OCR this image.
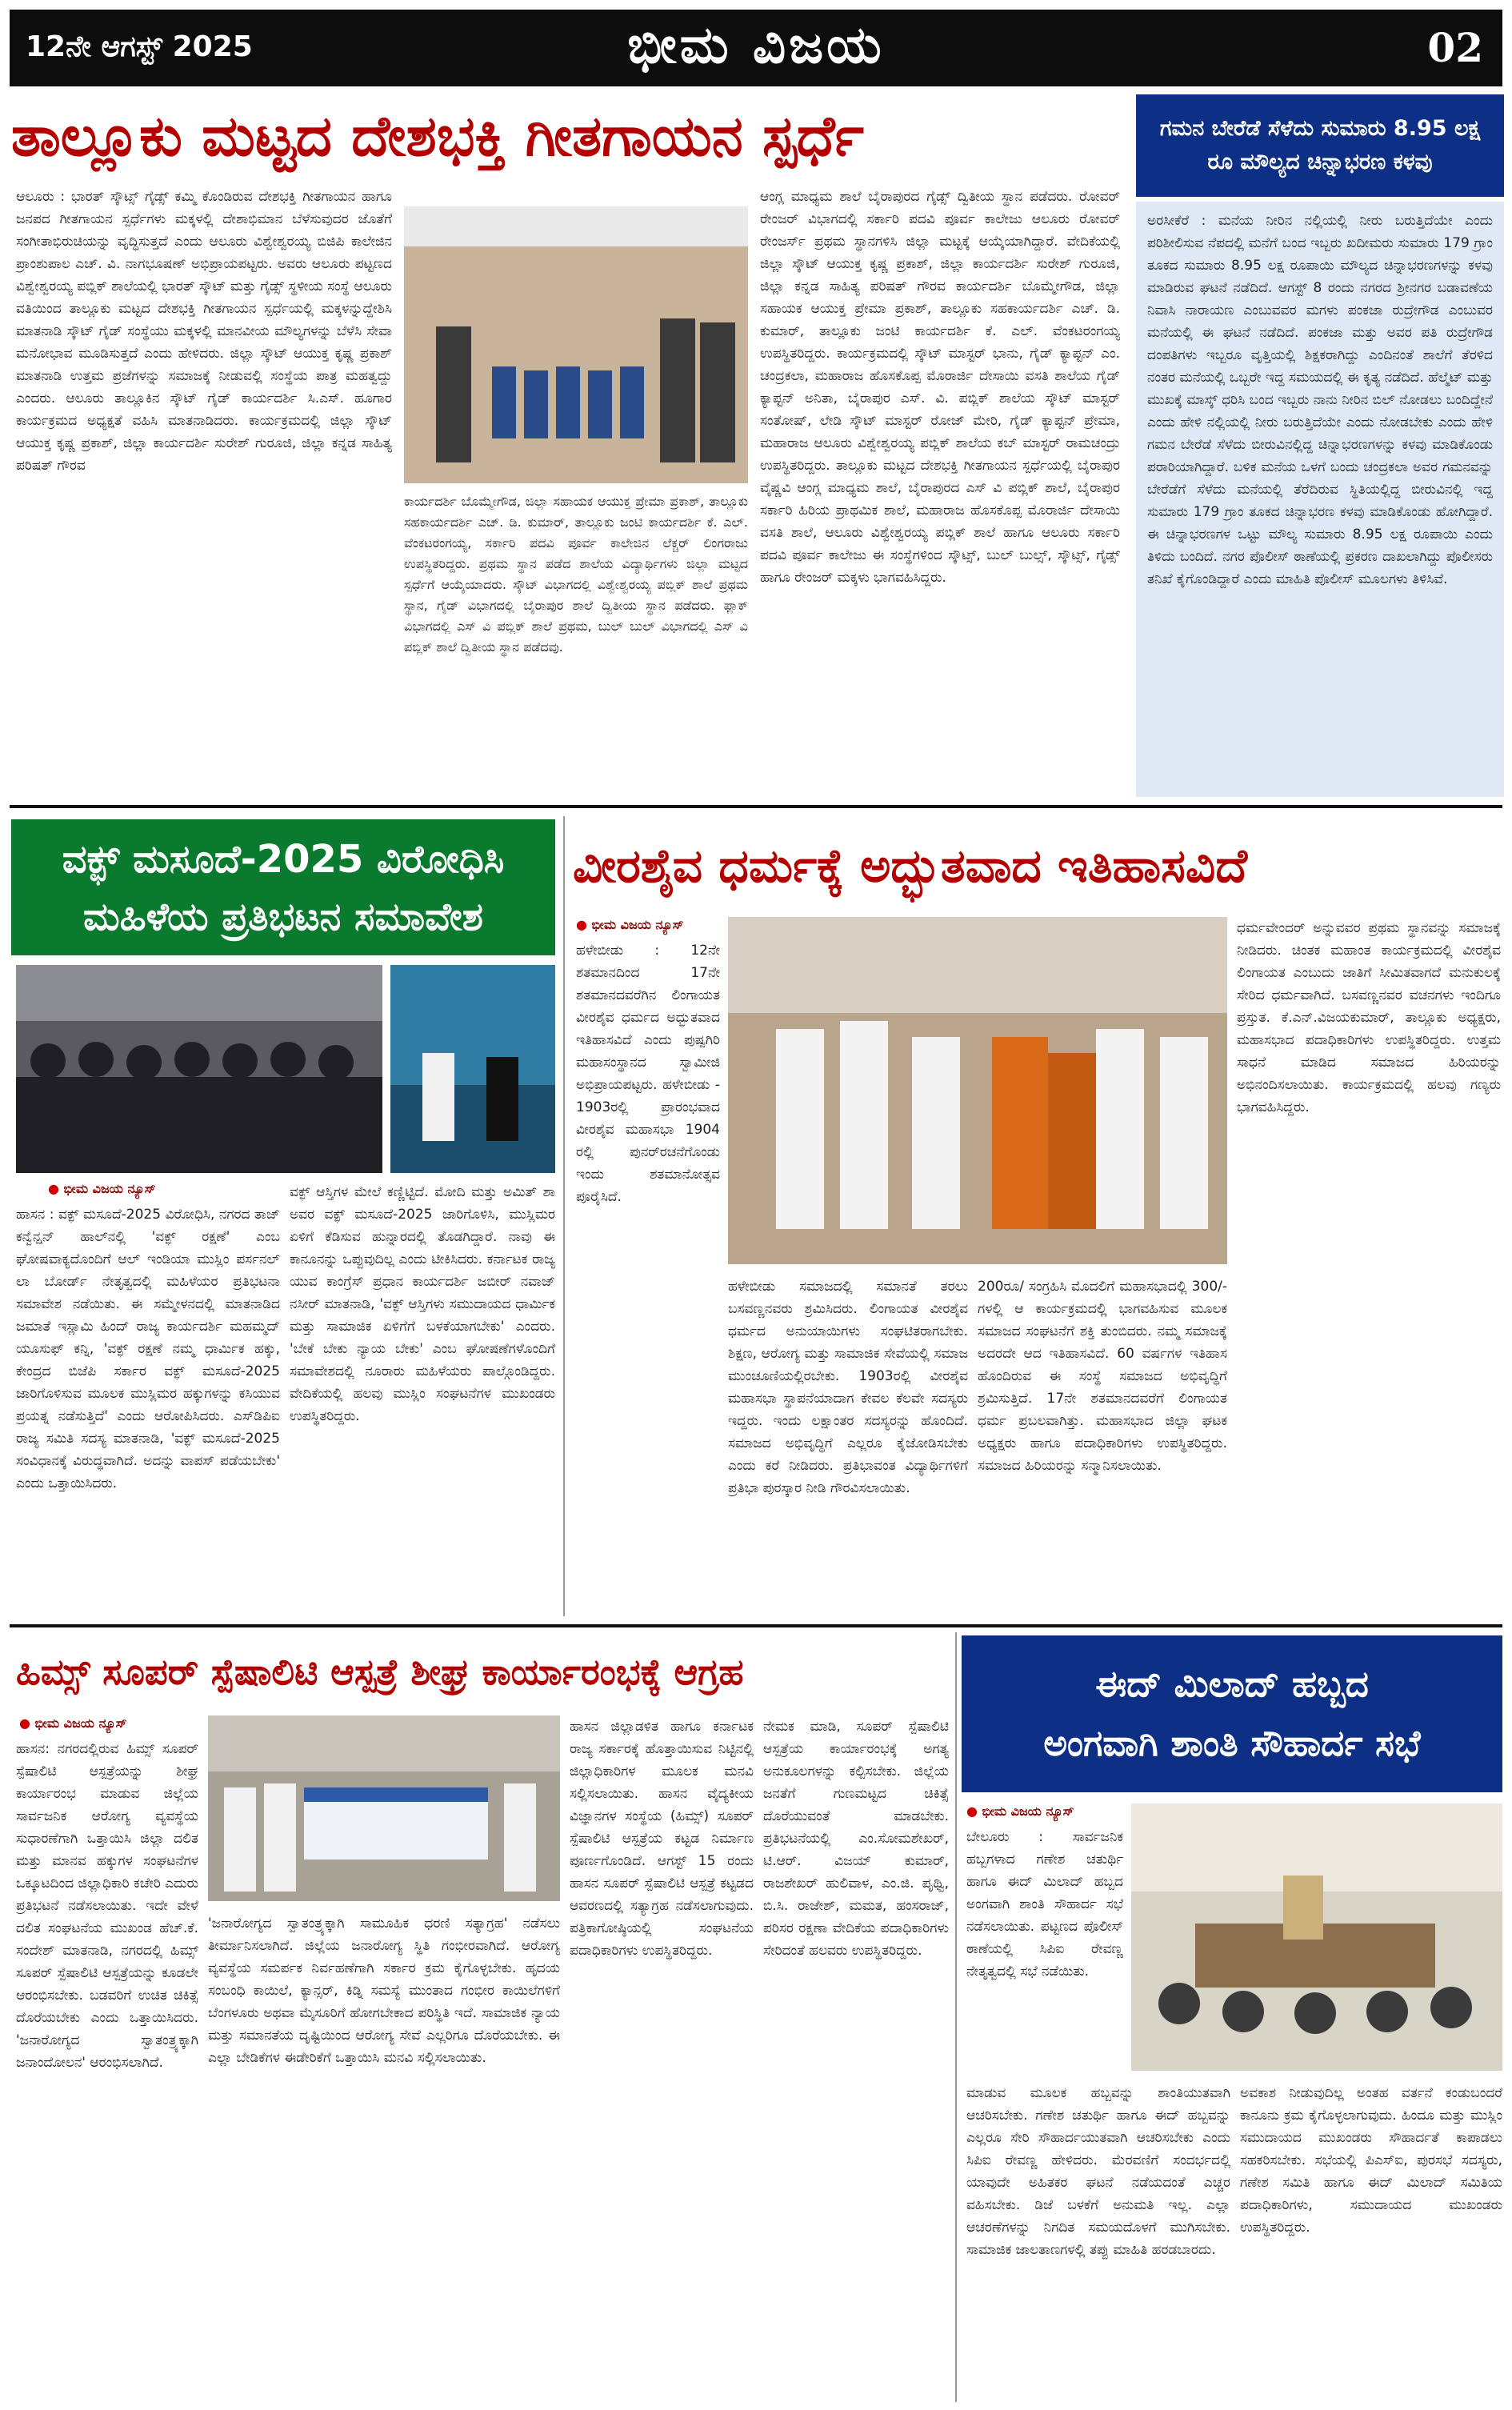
12ನೇ ಆಗಸ್ಟ್ 2025	ಭೀಮ ವಿಜಯ	02
ತಾಲ್ಲೂಕು ಮಟ್ಟದ ದೇಶಭಕ್ತಿ ಗೀತಗಾಯನ ಸ್ಪರ್ಧೆ
ಆಲೂರು : ಭಾರತ್ ಸ್ಕೌಟ್ಸ್ ಗೈಡ್ಸ್ ಕಮ್ಮಿ ಕೊಂಡಿರುವ ದೇಶಭಕ್ತಿ ಗೀತಗಾಯನ ಹಾಗೂ ಜನಪದ ಗೀತಗಾಯನ ಸ್ಪರ್ಧೆಗಳು ಮಕ್ಕಳಲ್ಲಿ ದೇಶಾಭಿಮಾನ ಬೆಳೆಸುವುದರ ಜೊತೆಗೆ ಸಂಗೀತಾಭಿರುಚಿಯನ್ನು ವೃದ್ಧಿಸುತ್ತದೆ ಎಂದು ಆಲೂರು ವಿಶ್ವೇಶ್ವರಯ್ಯ ಬಿಜಿಪಿ ಕಾಲೇಜಿನ ಪ್ರಾಂಶುಪಾಲ ಎಚ್. ವಿ. ನಾಗಭೂಷಣ್ ಅಭಿಪ್ರಾಯಪಟ್ಟರು. ಅವರು ಆಲೂರು ಪಟ್ಟಣದ ವಿಶ್ವೇಶ್ವರಯ್ಯ ಪಬ್ಲಿಕ್ ಶಾಲೆಯಲ್ಲಿ ಭಾರತ್ ಸ್ಕೌಟ್ ಮತ್ತು ಗೈಡ್ಸ್ ಸ್ಥಳೀಯ ಸಂಸ್ಥೆ ಆಲೂರು ವತಿಯಿಂದ ತಾಲ್ಲೂಕು ಮಟ್ಟದ ದೇಶಭಕ್ತಿ ಗೀತಗಾಯನ ಸ್ಪರ್ಧೆಯಲ್ಲಿ ಮಕ್ಕಳನ್ನುದ್ದೇಶಿಸಿ ಮಾತನಾಡಿ ಸ್ಕೌಟ್ ಗೈಡ್ ಸಂಸ್ಥೆಯು ಮಕ್ಕಳಲ್ಲಿ ಮಾನವೀಯ ಮೌಲ್ಯಗಳನ್ನು ಬೆಳೆಸಿ ಸೇವಾ ಮನೋಭಾವ ಮೂಡಿಸುತ್ತದೆ ಎಂದು ಹೇಳಿದರು. ಜಿಲ್ಲಾ ಸ್ಕೌಟ್ ಆಯುಕ್ತ ಕೃಷ್ಣ ಪ್ರಕಾಶ್ ಮಾತನಾಡಿ ಉತ್ತಮ ಪ್ರಜೆಗಳನ್ನು ಸಮಾಜಕ್ಕೆ ನೀಡುವಲ್ಲಿ ಸಂಸ್ಥೆಯ ಪಾತ್ರ ಮಹತ್ವದ್ದು ಎಂದರು. ಆಲೂರು ತಾಲ್ಲೂಕಿನ ಸ್ಕೌಟ್ ಗೈಡ್ ಕಾರ್ಯದರ್ಶಿ ಸಿ.ಎಸ್. ಹೂಗಾರ ಕಾರ್ಯಕ್ರಮದ ಅಧ್ಯಕ್ಷತೆ ವಹಿಸಿ ಮಾತನಾಡಿದರು. ಕಾರ್ಯಕ್ರಮದಲ್ಲಿ ಜಿಲ್ಲಾ ಸ್ಕೌಟ್ ಆಯುಕ್ತ ಕೃಷ್ಣ ಪ್ರಕಾಶ್, ಜಿಲ್ಲಾ ಕಾರ್ಯದರ್ಶಿ ಸುರೇಶ್ ಗುರೂಜಿ, ಜಿಲ್ಲಾ ಕನ್ನಡ ಸಾಹಿತ್ಯ ಪರಿಷತ್ ಗೌರವ
ಕಾರ್ಯದರ್ಶಿ ಬೊಮ್ಮೇಗೌಡ, ಜಿಲ್ಲಾ ಸಹಾಯಕ ಆಯುಕ್ತ ಪ್ರೇಮಾ ಪ್ರಕಾಶ್, ತಾಲ್ಲೂಕು ಸಹಕಾರ್ಯದರ್ಶಿ ಎಚ್. ಡಿ. ಕುಮಾರ್, ತಾಲ್ಲೂಕು ಜಂಟಿ ಕಾರ್ಯದರ್ಶಿ ಕೆ. ಎಲ್. ವೆಂಕಟರಂಗಯ್ಯ, ಸರ್ಕಾರಿ ಪದವಿ ಪೂರ್ವ ಕಾಲೇಜಿನ ಲೆಕ್ಚರ್ ಲಿಂಗರಾಜು ಉಪಸ್ಥಿತರಿದ್ದರು. ಪ್ರಥಮ ಸ್ಥಾನ ಪಡೆದ ಶಾಲೆಯ ವಿದ್ಯಾರ್ಥಿಗಳು ಜಿಲ್ಲಾ ಮಟ್ಟದ ಸ್ಪರ್ಧೆಗೆ ಆಯ್ಕೆಯಾದರು. ಸ್ಕೌಟ್ ವಿಭಾಗದಲ್ಲಿ ವಿಶ್ವೇಶ್ವರಯ್ಯ ಪಬ್ಲಿಕ್ ಶಾಲೆ ಪ್ರಥಮ ಸ್ಥಾನ, ಗೈಡ್ ವಿಭಾಗದಲ್ಲಿ ಬೈರಾಪುರ ಶಾಲೆ ದ್ವಿತೀಯ ಸ್ಥಾನ ಪಡೆದರು. ಫ್ಲಾಕ್ ವಿಭಾಗದಲ್ಲಿ ಎಸ್ ವಿ ಪಬ್ಲಿಕ್ ಶಾಲೆ ಪ್ರಥಮ, ಬುಲ್ ಬುಲ್ ವಿಭಾಗದಲ್ಲಿ ಎಸ್ ವಿ ಪಬ್ಲಿಕ್ ಶಾಲೆ ದ್ವಿತೀಯ ಸ್ಥಾನ ಪಡೆದವು.
ಆಂಗ್ಲ ಮಾಧ್ಯಮ ಶಾಲೆ ಬೈರಾಪುರದ ಗೈಡ್ಸ್ ದ್ವಿತೀಯ ಸ್ಥಾನ ಪಡೆದರು. ರೋವರ್ ರೇಂಜರ್ ವಿಭಾಗದಲ್ಲಿ ಸರ್ಕಾರಿ ಪದವಿ ಪೂರ್ವ ಕಾಲೇಜು ಆಲೂರು ರೋವರ್ ರೇಂಜರ್ಸ್ ಪ್ರಥಮ ಸ್ಥಾನಗಳಿಸಿ ಜಿಲ್ಲಾ ಮಟ್ಟಕ್ಕೆ ಆಯ್ಕೆಯಾಗಿದ್ದಾರೆ. ವೇದಿಕೆಯಲ್ಲಿ ಜಿಲ್ಲಾ ಸ್ಕೌಟ್ ಆಯುಕ್ತ ಕೃಷ್ಣ ಪ್ರಕಾಶ್, ಜಿಲ್ಲಾ ಕಾರ್ಯದರ್ಶಿ ಸುರೇಶ್ ಗುರೂಜಿ, ಜಿಲ್ಲಾ ಕನ್ನಡ ಸಾಹಿತ್ಯ ಪರಿಷತ್ ಗೌರವ ಕಾರ್ಯದರ್ಶಿ ಬೊಮ್ಮೇಗೌಡ, ಜಿಲ್ಲಾ ಸಹಾಯಕ ಆಯುಕ್ತ ಪ್ರೇಮಾ ಪ್ರಕಾಶ್, ತಾಲ್ಲೂಕು ಸಹಕಾರ್ಯದರ್ಶಿ ಎಚ್. ಡಿ. ಕುಮಾರ್, ತಾಲ್ಲೂಕು ಜಂಟಿ ಕಾರ್ಯದರ್ಶಿ ಕೆ. ಎಲ್. ವೆಂಕಟರಂಗಯ್ಯ ಉಪಸ್ಥಿತರಿದ್ದರು. ಕಾರ್ಯಕ್ರಮದಲ್ಲಿ ಸ್ಕೌಟ್ ಮಾಸ್ಟರ್ ಭಾನು, ಗೈಡ್ ಕ್ಯಾಪ್ಟನ್ ಎಂ. ಚಂದ್ರಕಲಾ, ಮಹಾರಾಜ ಹೊಸಕೊಪ್ಪ ಮೊರಾರ್ಜಿ ದೇಸಾಯಿ ವಸತಿ ಶಾಲೆಯ ಗೈಡ್ ಕ್ಯಾಪ್ಟನ್ ಅನಿತಾ, ಬೈರಾಪುರ ಎಸ್. ವಿ. ಪಬ್ಲಿಕ್ ಶಾಲೆಯ ಸ್ಕೌಟ್ ಮಾಸ್ಟರ್ ಸಂತೋಷ್, ಲೇಡಿ ಸ್ಕೌಟ್ ಮಾಸ್ಟರ್ ರೋಜ್ ಮೇರಿ, ಗೈಡ್ ಕ್ಯಾಪ್ಟನ್ ಪ್ರೇಮಾ, ಮಹಾರಾಜ ಆಲೂರು ವಿಶ್ವೇಶ್ವರಯ್ಯ ಪಬ್ಲಿಕ್ ಶಾಲೆಯ ಕಬ್ ಮಾಸ್ಟರ್ ರಾಮಚಂದ್ರು ಉಪಸ್ಥಿತರಿದ್ದರು. ತಾಲ್ಲೂಕು ಮಟ್ಟದ ದೇಶಭಕ್ತಿ ಗೀತಗಾಯನ ಸ್ಪರ್ಧೆಯಲ್ಲಿ ಬೈರಾಪುರ ವೈಷ್ಣವಿ ಆಂಗ್ಲ ಮಾಧ್ಯಮ ಶಾಲೆ, ಬೈರಾಪುರದ ಎಸ್ ವಿ ಪಬ್ಲಿಕ್ ಶಾಲೆ, ಬೈರಾಪುರ ಸರ್ಕಾರಿ ಹಿರಿಯ ಪ್ರಾಥಮಿಕ ಶಾಲೆ, ಮಹಾರಾಜ ಹೊಸಕೊಪ್ಪ ಮೊರಾರ್ಜಿ ದೇಸಾಯಿ ವಸತಿ ಶಾಲೆ, ಆಲೂರು ವಿಶ್ವೇಶ್ವರಯ್ಯ ಪಬ್ಲಿಕ್ ಶಾಲೆ ಹಾಗೂ ಆಲೂರು ಸರ್ಕಾರಿ ಪದವಿ ಪೂರ್ವ ಕಾಲೇಜು ಈ ಸಂಸ್ಥೆಗಳಿಂದ ಸ್ಕೌಟ್ಸ್, ಬುಲ್ ಬುಲ್ಸ್, ಸ್ಕೌಟ್ಸ್, ಗೈಡ್ಸ್ ಹಾಗೂ ರೇಂಜರ್ ಮಕ್ಕಳು ಭಾಗವಹಿಸಿದ್ದರು.
ಗಮನ ಬೇರೆಡೆ ಸೆಳೆದು ಸುಮಾರು 8.95 ಲಕ್ಷ ರೂ ಮೌಲ್ಯದ ಚಿನ್ನಾಭರಣ ಕಳವು
ಅರಸೀಕೆರೆ : ಮನೆಯ ನೀರಿನ ನಲ್ಲಿಯಲ್ಲಿ ನೀರು ಬರುತ್ತಿದೆಯೇ ಎಂದು ಪರಿಶೀಲಿಸುವ ನೆಪದಲ್ಲಿ ಮನೆಗೆ ಬಂದ ಇಬ್ಬರು ಖದೀಮರು ಸುಮಾರು 179 ಗ್ರಾಂ ತೂಕದ ಸುಮಾರು 8.95 ಲಕ್ಷ ರೂಪಾಯಿ ಮೌಲ್ಯದ ಚಿನ್ನಾಭರಣಗಳನ್ನು ಕಳವು ಮಾಡಿರುವ ಘಟನೆ ನಡೆದಿದೆ. ಆಗಸ್ಟ್ 8 ರಂದು ನಗರದ ಶ್ರೀನಗರ ಬಡಾವಣೆಯ ನಿವಾಸಿ ನಾರಾಯಣ ಎಂಬುವವರ ಮಗಳು ಪಂಕಜಾ ರುದ್ರೇಗೌಡ ಎಂಬುವರ ಮನೆಯಲ್ಲಿ ಈ ಘಟನೆ ನಡೆದಿದೆ. ಪಂಕಜಾ ಮತ್ತು ಅವರ ಪತಿ ರುದ್ರೇಗೌಡ ದಂಪತಿಗಳು ಇಬ್ಬರೂ ವೃತ್ತಿಯಲ್ಲಿ ಶಿಕ್ಷಕರಾಗಿದ್ದು ಎಂದಿನಂತೆ ಶಾಲೆಗೆ ತೆರಳಿದ ನಂತರ ಮನೆಯಲ್ಲಿ ಒಬ್ಬರೇ ಇದ್ದ ಸಮಯದಲ್ಲಿ ಈ ಕೃತ್ಯ ನಡೆದಿದೆ. ಹೆಲ್ಮೆಟ್ ಮತ್ತು ಮುಖಕ್ಕೆ ಮಾಸ್ಕ್ ಧರಿಸಿ ಬಂದ ಇಬ್ಬರು ನಾನು ನೀರಿನ ಬಿಲ್ ನೋಡಲು ಬಂದಿದ್ದೇನೆ ಎಂದು ಹೇಳಿ ನಲ್ಲಿಯಲ್ಲಿ ನೀರು ಬರುತ್ತಿದೆಯೇ ಎಂದು ನೋಡಬೇಕು ಎಂದು ಹೇಳಿ ಗಮನ ಬೇರೆಡೆ ಸೆಳೆದು ಬೀರುವಿನಲ್ಲಿದ್ದ ಚಿನ್ನಾಭರಣಗಳನ್ನು ಕಳವು ಮಾಡಿಕೊಂಡು ಪರಾರಿಯಾಗಿದ್ದಾರೆ. ಬಳಿಕ ಮನೆಯ ಒಳಗೆ ಬಂದು ಚಂದ್ರಕಲಾ ಅವರ ಗಮನವನ್ನು ಬೇರೆಡೆಗೆ ಸೆಳೆದು ಮನೆಯಲ್ಲಿ ತೆರೆದಿರುವ ಸ್ಥಿತಿಯಲ್ಲಿದ್ದ ಬೀರುವಿನಲ್ಲಿ ಇದ್ದ ಸುಮಾರು 179 ಗ್ರಾಂ ತೂಕದ ಚಿನ್ನಾಭರಣ ಕಳವು ಮಾಡಿಕೊಂಡು ಹೋಗಿದ್ದಾರೆ. ಈ ಚಿನ್ನಾಭರಣಗಳ ಒಟ್ಟು ಮೌಲ್ಯ ಸುಮಾರು 8.95 ಲಕ್ಷ ರೂಪಾಯಿ ಎಂದು ತಿಳಿದು ಬಂದಿದೆ. ನಗರ ಪೊಲೀಸ್ ಠಾಣೆಯಲ್ಲಿ ಪ್ರಕರಣ ದಾಖಲಾಗಿದ್ದು ಪೊಲೀಸರು ತನಿಖೆ ಕೈಗೊಂಡಿದ್ದಾರೆ ಎಂದು ಮಾಹಿತಿ ಪೊಲೀಸ್ ಮೂಲಗಳು ತಿಳಿಸಿವೆ.
ವಕ್ಫ್ ಮಸೂದೆ-2025 ವಿರೋಧಿಸಿ
ಮಹಿಳೆಯ ಪ್ರತಿಭಟನ ಸಮಾವೇಶ
● ಭೀಮ ವಿಜಯ ನ್ಯೂಸ್
ಹಾಸನ : ವಕ್ಫ್ ಮಸೂದೆ-2025 ವಿರೋಧಿಸಿ, ನಗರದ ತಾಜ್ ಕನ್ವೆನ್ಷನ್ ಹಾಲ್‌ನಲ್ಲಿ 'ವಕ್ಫ್ ರಕ್ಷಣೆ' ಎಂಬ ಘೋಷವಾಕ್ಯದೊಂದಿಗೆ ಆಲ್ ಇಂಡಿಯಾ ಮುಸ್ಲಿಂ ಪರ್ಸನಲ್ ಲಾ ಬೋರ್ಡ್ ನೇತೃತ್ವದಲ್ಲಿ ಮಹಿಳೆಯರ ಪ್ರತಿಭಟನಾ ಸಮಾವೇಶ ನಡೆಯಿತು. ಈ ಸಮ್ಮೇಳನದಲ್ಲಿ ಮಾತನಾಡಿದ ಜಮಾತೆ ಇಸ್ಲಾಮಿ ಹಿಂದ್ ರಾಜ್ಯ ಕಾರ್ಯದರ್ಶಿ ಮಹಮ್ಮದ್ ಯೂಸುಫ್ ಕನ್ನಿ, 'ವಕ್ಫ್ ರಕ್ಷಣೆ ನಮ್ಮ ಧಾರ್ಮಿಕ ಹಕ್ಕು, ಕೇಂದ್ರದ ಬಿಜೆಪಿ ಸರ್ಕಾರ ವಕ್ಫ್ ಮಸೂದೆ-2025 ಜಾರಿಗೊಳಿಸುವ ಮೂಲಕ ಮುಸ್ಲಿಮರ ಹಕ್ಕುಗಳನ್ನು ಕಸಿಯುವ ಪ್ರಯತ್ನ ನಡೆಸುತ್ತಿದೆ' ಎಂದು ಆರೋಪಿಸಿದರು. ಎಸ್‌ಡಿಪಿಐ ರಾಜ್ಯ ಸಮಿತಿ ಸದಸ್ಯ ಮಾತನಾಡಿ, 'ವಕ್ಫ್ ಮಸೂದೆ-2025 ಸಂವಿಧಾನಕ್ಕೆ ವಿರುದ್ಧವಾಗಿದೆ. ಅದನ್ನು ವಾಪಸ್ ಪಡೆಯಬೇಕು' ಎಂದು ಒತ್ತಾಯಿಸಿದರು.
ವಕ್ಫ್ ಆಸ್ತಿಗಳ ಮೇಲೆ ಕಣ್ಣಿಟ್ಟಿದೆ. ಮೋದಿ ಮತ್ತು ಅಮಿತ್ ಶಾ ಅವರ ವಕ್ಫ್ ಮಸೂದೆ-2025 ಜಾರಿಗೊಳಿಸಿ, ಮುಸ್ಲಿಮರ ಏಳಿಗೆ ಕೆಡಿಸುವ ಹುನ್ನಾರದಲ್ಲಿ ತೊಡಗಿದ್ದಾರೆ. ನಾವು ಈ ಕಾನೂನನ್ನು ಒಪ್ಪುವುದಿಲ್ಲ ಎಂದು ಟೀಕಿಸಿದರು. ಕರ್ನಾಟಕ ರಾಜ್ಯ ಯುವ ಕಾಂಗ್ರೆಸ್ ಪ್ರಧಾನ ಕಾರ್ಯದರ್ಶಿ ಜಬೀರ್ ನವಾಜ್ ನಸೀರ್ ಮಾತನಾಡಿ, 'ವಕ್ಫ್ ಆಸ್ತಿಗಳು ಸಮುದಾಯದ ಧಾರ್ಮಿಕ ಮತ್ತು ಸಾಮಾಜಿಕ ಏಳಿಗೆಗೆ ಬಳಕೆಯಾಗಬೇಕು' ಎಂದರು. 'ಬೇಕೆ ಬೇಕು ನ್ಯಾಯ ಬೇಕು' ಎಂಬ ಘೋಷಣೆಗಳೊಂದಿಗೆ ಸಮಾವೇಶದಲ್ಲಿ ನೂರಾರು ಮಹಿಳೆಯರು ಪಾಲ್ಗೊಂಡಿದ್ದರು. ವೇದಿಕೆಯಲ್ಲಿ ಹಲವು ಮುಸ್ಲಿಂ ಸಂಘಟನೆಗಳ ಮುಖಂಡರು ಉಪಸ್ಥಿತರಿದ್ದರು.
ವೀರಶೈವ ಧರ್ಮಕ್ಕೆ ಅದ್ಭುತವಾದ ಇತಿಹಾಸವಿದೆ
● ಭೀಮ ವಿಜಯ ನ್ಯೂಸ್
ಹಳೇಬೀಡು : 12ನೇ ಶತಮಾನದಿಂದ 17ನೇ ಶತಮಾನದವರೆಗಿನ ಲಿಂಗಾಯತ ವೀರಶೈವ ಧರ್ಮದ ಅದ್ಭುತವಾದ ಇತಿಹಾಸವಿದೆ ಎಂದು ಪುಷ್ಪಗಿರಿ ಮಹಾಸಂಸ್ಥಾನದ ಸ್ವಾಮೀಜಿ ಅಭಿಪ್ರಾಯಪಟ್ಟರು. ಹಳೇಬೀಡು - 1903ರಲ್ಲಿ ಪ್ರಾರಂಭವಾದ ವೀರಶೈವ ಮಹಾಸಭಾ 1904 ರಲ್ಲಿ ಪುನರ್‌ರಚನೆಗೊಂಡು ಇಂದು ಶತಮಾನೋತ್ಸವ ಪೂರೈಸಿದೆ.
ಹಳೇಬೀಡು ಸಮಾಜದಲ್ಲಿ ಸಮಾನತೆ ತರಲು ಬಸವಣ್ಣನವರು ಶ್ರಮಿಸಿದರು. ಲಿಂಗಾಯತ ವೀರಶೈವ ಧರ್ಮದ ಅನುಯಾಯಿಗಳು ಸಂಘಟಿತರಾಗಬೇಕು. ಶಿಕ್ಷಣ, ಆರೋಗ್ಯ ಮತ್ತು ಸಾಮಾಜಿಕ ಸೇವೆಯಲ್ಲಿ ಸಮಾಜ ಮುಂಚೂಣಿಯಲ್ಲಿರಬೇಕು. 1903ರಲ್ಲಿ ವೀರಶೈವ ಮಹಾಸಭಾ ಸ್ಥಾಪನೆಯಾದಾಗ ಕೇವಲ ಕೆಲವೇ ಸದಸ್ಯರು ಇದ್ದರು. ಇಂದು ಲಕ್ಷಾಂತರ ಸದಸ್ಯರನ್ನು ಹೊಂದಿದೆ. ಸಮಾಜದ ಅಭಿವೃದ್ಧಿಗೆ ಎಲ್ಲರೂ ಕೈಜೋಡಿಸಬೇಕು ಎಂದು ಕರೆ ನೀಡಿದರು. ಪ್ರತಿಭಾವಂತ ವಿದ್ಯಾರ್ಥಿಗಳಿಗೆ ಪ್ರತಿಭಾ ಪುರಸ್ಕಾರ ನೀಡಿ ಗೌರವಿಸಲಾಯಿತು.
200ರೂ/ ಸಂಗ್ರಹಿಸಿ ಮೊದಲಿಗೆ ಮಹಾಸಭಾದಲ್ಲಿ 300/- ಗಳಲ್ಲಿ ಆ ಕಾರ್ಯಕ್ರಮದಲ್ಲಿ ಭಾಗವಹಿಸುವ ಮೂಲಕ ಸಮಾಜದ ಸಂಘಟನೆಗೆ ಶಕ್ತಿ ತುಂಬಿದರು. ನಮ್ಮ ಸಮಾಜಕ್ಕೆ ಅದರದೇ ಆದ ಇತಿಹಾಸವಿದೆ. 60 ವರ್ಷಗಳ ಇತಿಹಾಸ ಹೊಂದಿರುವ ಈ ಸಂಸ್ಥೆ ಸಮಾಜದ ಅಭಿವೃದ್ಧಿಗೆ ಶ್ರಮಿಸುತ್ತಿದೆ. 17ನೇ ಶತಮಾನದವರೆಗೆ ಲಿಂಗಾಯತ ಧರ್ಮ ಪ್ರಬಲವಾಗಿತ್ತು. ಮಹಾಸಭಾದ ಜಿಲ್ಲಾ ಘಟಕ ಅಧ್ಯಕ್ಷರು ಹಾಗೂ ಪದಾಧಿಕಾರಿಗಳು ಉಪಸ್ಥಿತರಿದ್ದರು. ಸಮಾಜದ ಹಿರಿಯರನ್ನು ಸನ್ಮಾನಿಸಲಾಯಿತು.
ಧರ್ಮವೇಂದರ್ ಅನ್ನುವವರ ಪ್ರಥಮ ಸ್ಥಾನವನ್ನು ಸಮಾಜಕ್ಕೆ ನೀಡಿದರು. ಚಿಂತಕ ಮಹಾಂತ ಕಾರ್ಯಕ್ರಮದಲ್ಲಿ ವೀರಶೈವ ಲಿಂಗಾಯತ ಎಂಬುದು ಜಾತಿಗೆ ಸೀಮಿತವಾಗದೆ ಮನುಕುಲಕ್ಕೆ ಸೇರಿದ ಧರ್ಮವಾಗಿದೆ. ಬಸವಣ್ಣನವರ ವಚನಗಳು ಇಂದಿಗೂ ಪ್ರಸ್ತುತ. ಕೆ.ಎನ್.ವಿಜಯಕುಮಾರ್, ತಾಲ್ಲೂಕು ಅಧ್ಯಕ್ಷರು, ಮಹಾಸಭಾದ ಪದಾಧಿಕಾರಿಗಳು ಉಪಸ್ಥಿತರಿದ್ದರು. ಉತ್ತಮ ಸಾಧನೆ ಮಾಡಿದ ಸಮಾಜದ ಹಿರಿಯರನ್ನು ಅಭಿನಂದಿಸಲಾಯಿತು. ಕಾರ್ಯಕ್ರಮದಲ್ಲಿ ಹಲವು ಗಣ್ಯರು ಭಾಗವಹಿಸಿದ್ದರು.
ಹಿಮ್ಸ್ ಸೂಪರ್ ಸ್ಪೆಷಾಲಿಟಿ ಆಸ್ಪತ್ರೆ ಶೀಘ್ರ ಕಾರ್ಯಾರಂಭಕ್ಕೆ ಆಗ್ರಹ
● ಭೀಮ ವಿಜಯ ನ್ಯೂಸ್
ಹಾಸನ: ನಗರದಲ್ಲಿರುವ ಹಿಮ್ಸ್ ಸೂಪರ್ ಸ್ಪೆಷಾಲಿಟಿ ಆಸ್ಪತ್ರೆಯನ್ನು ಶೀಘ್ರ ಕಾರ್ಯಾರಂಭ ಮಾಡುವ ಜಿಲ್ಲೆಯ ಸಾರ್ವಜನಿಕ ಆರೋಗ್ಯ ವ್ಯವಸ್ಥೆಯ ಸುಧಾರಣೆಗಾಗಿ ಒತ್ತಾಯಿಸಿ ಜಿಲ್ಲಾ ದಲಿತ ಮತ್ತು ಮಾನವ ಹಕ್ಕುಗಳ ಸಂಘಟನೆಗಳ ಒಕ್ಕೂಟದಿಂದ ಜಿಲ್ಲಾಧಿಕಾರಿ ಕಚೇರಿ ಎದುರು ಪ್ರತಿಭಟನೆ ನಡೆಸಲಾಯಿತು. ಇದೇ ವೇಳೆ ದಲಿತ ಸಂಘಟನೆಯ ಮುಖಂಡ ಹೆಚ್.ಕೆ. ಸಂದೇಶ್ ಮಾತನಾಡಿ, ನಗರದಲ್ಲಿ ಹಿಮ್ಸ್ ಸೂಪರ್ ಸ್ಪೆಷಾಲಿಟಿ ಆಸ್ಪತ್ರೆಯನ್ನು ಕೂಡಲೇ ಆರಂಭಿಸಬೇಕು. ಬಡವರಿಗೆ ಉಚಿತ ಚಿಕಿತ್ಸೆ ದೊರೆಯಬೇಕು ಎಂದು ಒತ್ತಾಯಿಸಿದರು. 'ಜನಾರೋಗ್ಯದ ಸ್ವಾತಂತ್ರ್ಯಕ್ಕಾಗಿ ಜನಾಂದೋಲನ' ಆರಂಭಿಸಲಾಗಿದೆ.
'ಜನಾರೋಗ್ಯದ ಸ್ವಾತಂತ್ರ್ಯಕ್ಕಾಗಿ ಸಾಮೂಹಿಕ ಧರಣಿ ಸತ್ಯಾಗ್ರಹ' ನಡೆಸಲು ತೀರ್ಮಾನಿಸಲಾಗಿದೆ. ಜಿಲ್ಲೆಯ ಜನಾರೋಗ್ಯ ಸ್ಥಿತಿ ಗಂಭೀರವಾಗಿದೆ. ಆರೋಗ್ಯ ವ್ಯವಸ್ಥೆಯ ಸಮರ್ಪಕ ನಿರ್ವಹಣೆಗಾಗಿ ಸರ್ಕಾರ ಕ್ರಮ ಕೈಗೊಳ್ಳಬೇಕು. ಹೃದಯ ಸಂಬಂಧಿ ಕಾಯಿಲೆ, ಕ್ಯಾನ್ಸರ್, ಕಿಡ್ನಿ ಸಮಸ್ಯೆ ಮುಂತಾದ ಗಂಭೀರ ಕಾಯಿಲೆಗಳಿಗೆ ಬೆಂಗಳೂರು ಅಥವಾ ಮೈಸೂರಿಗೆ ಹೋಗಬೇಕಾದ ಪರಿಸ್ಥಿತಿ ಇದೆ. ಸಾಮಾಜಿಕ ನ್ಯಾಯ ಮತ್ತು ಸಮಾನತೆಯ ದೃಷ್ಟಿಯಿಂದ ಆರೋಗ್ಯ ಸೇವೆ ಎಲ್ಲರಿಗೂ ದೊರೆಯಬೇಕು. ಈ ಎಲ್ಲಾ ಬೇಡಿಕೆಗಳ ಈಡೇರಿಕೆಗೆ ಒತ್ತಾಯಿಸಿ ಮನವಿ ಸಲ್ಲಿಸಲಾಯಿತು.
ಹಾಸನ ಜಿಲ್ಲಾಡಳಿತ ಹಾಗೂ ಕರ್ನಾಟಕ ರಾಜ್ಯ ಸರ್ಕಾರಕ್ಕೆ ಹೊತ್ತಾಯಿಸುವ ನಿಟ್ಟಿನಲ್ಲಿ ಜಿಲ್ಲಾಧಿಕಾರಿಗಳ ಮೂಲಕ ಮನವಿ ಸಲ್ಲಿಸಲಾಯಿತು. ಹಾಸನ ವೈದ್ಯಕೀಯ ವಿಜ್ಞಾನಗಳ ಸಂಸ್ಥೆಯ (ಹಿಮ್ಸ್) ಸೂಪರ್ ಸ್ಪೆಷಾಲಿಟಿ ಆಸ್ಪತ್ರೆಯ ಕಟ್ಟಡ ನಿರ್ಮಾಣ ಪೂರ್ಣಗೊಂಡಿದೆ. ಆಗಸ್ಟ್ 15 ರಂದು ಹಾಸನ ಸೂಪರ್ ಸ್ಪೆಷಾಲಿಟಿ ಆಸ್ಪತ್ರೆ ಕಟ್ಟಡದ ಆವರಣದಲ್ಲಿ ಸತ್ಯಾಗ್ರಹ ನಡೆಸಲಾಗುವುದು. ಪತ್ರಿಕಾಗೋಷ್ಠಿಯಲ್ಲಿ ಸಂಘಟನೆಯ ಪದಾಧಿಕಾರಿಗಳು ಉಪಸ್ಥಿತರಿದ್ದರು.
ನೇಮಕ ಮಾಡಿ, ಸೂಪರ್ ಸ್ಪೆಷಾಲಿಟಿ ಆಸ್ಪತ್ರೆಯ ಕಾರ್ಯಾರಂಭಕ್ಕೆ ಅಗತ್ಯ ಅನುಕೂಲಗಳನ್ನು ಕಲ್ಪಿಸಬೇಕು. ಜಿಲ್ಲೆಯ ಜನತೆಗೆ ಗುಣಮಟ್ಟದ ಚಿಕಿತ್ಸೆ ದೊರೆಯುವಂತೆ ಮಾಡಬೇಕು. ಪ್ರತಿಭಟನೆಯಲ್ಲಿ ಎಂ.ಸೋಮಶೇಖರ್, ಟಿ.ಆರ್. ವಿಜಯ್ ಕುಮಾರ್, ರಾಜಶೇಖರ್ ಹುಲಿವಾಳ, ಎಂ.ಜಿ. ಪೃಥ್ವಿ, ಬಿ.ಸಿ. ರಾಜೇಶ್, ಮಮತ, ಹಂಸರಾಜ್, ಪರಿಸರ ರಕ್ಷಣಾ ವೇದಿಕೆಯ ಪದಾಧಿಕಾರಿಗಳು ಸೇರಿದಂತೆ ಹಲವರು ಉಪಸ್ಥಿತರಿದ್ದರು.
ಈದ್ ಮಿಲಾದ್ ಹಬ್ಬದ
ಅಂಗವಾಗಿ ಶಾಂತಿ ಸೌಹಾರ್ದ ಸಭೆ
● ಭೀಮ ವಿಜಯ ನ್ಯೂಸ್
ಬೇಲೂರು : ಸಾರ್ವಜನಿಕ ಹಬ್ಬಗಳಾದ ಗಣೇಶ ಚತುರ್ಥಿ ಹಾಗೂ ಈದ್ ಮಿಲಾದ್ ಹಬ್ಬದ ಅಂಗವಾಗಿ ಶಾಂತಿ ಸೌಹಾರ್ದ ಸಭೆ ನಡೆಸಲಾಯಿತು. ಪಟ್ಟಣದ ಪೊಲೀಸ್ ಠಾಣೆಯಲ್ಲಿ ಸಿಪಿಐ ರೇವಣ್ಣ ನೇತೃತ್ವದಲ್ಲಿ ಸಭೆ ನಡೆಯಿತು.
ಮಾಡುವ ಮೂಲಕ ಹಬ್ಬವನ್ನು ಶಾಂತಿಯುತವಾಗಿ ಆಚರಿಸಬೇಕು. ಗಣೇಶ ಚತುರ್ಥಿ ಹಾಗೂ ಈದ್ ಹಬ್ಬವನ್ನು ಎಲ್ಲರೂ ಸೇರಿ ಸೌಹಾರ್ದಯುತವಾಗಿ ಆಚರಿಸಬೇಕು ಎಂದು ಸಿಪಿಐ ರೇವಣ್ಣ ಹೇಳಿದರು. ಮೆರವಣಿಗೆ ಸಂದರ್ಭದಲ್ಲಿ ಯಾವುದೇ ಅಹಿತಕರ ಘಟನೆ ನಡೆಯದಂತೆ ಎಚ್ಚರ ವಹಿಸಬೇಕು. ಡಿಜೆ ಬಳಕೆಗೆ ಅನುಮತಿ ಇಲ್ಲ. ಎಲ್ಲಾ ಆಚರಣೆಗಳನ್ನು ನಿಗದಿತ ಸಮಯದೊಳಗೆ ಮುಗಿಸಬೇಕು. ಸಾಮಾಜಿಕ ಜಾಲತಾಣಗಳಲ್ಲಿ ತಪ್ಪು ಮಾಹಿತಿ ಹರಡಬಾರದು.
ಅವಕಾಶ ನೀಡುವುದಿಲ್ಲ ಅಂತಹ ವರ್ತನೆ ಕಂಡುಬಂದರೆ ಕಾನೂನು ಕ್ರಮ ಕೈಗೊಳ್ಳಲಾಗುವುದು. ಹಿಂದೂ ಮತ್ತು ಮುಸ್ಲಿಂ ಸಮುದಾಯದ ಮುಖಂಡರು ಸೌಹಾರ್ದತೆ ಕಾಪಾಡಲು ಸಹಕರಿಸಬೇಕು. ಸಭೆಯಲ್ಲಿ ಪಿಎಸ್ಐ, ಪುರಸಭೆ ಸದಸ್ಯರು, ಗಣೇಶ ಸಮಿತಿ ಹಾಗೂ ಈದ್ ಮಿಲಾದ್ ಸಮಿತಿಯ ಪದಾಧಿಕಾರಿಗಳು, ಸಮುದಾಯದ ಮುಖಂಡರು ಉಪಸ್ಥಿತರಿದ್ದರು.
